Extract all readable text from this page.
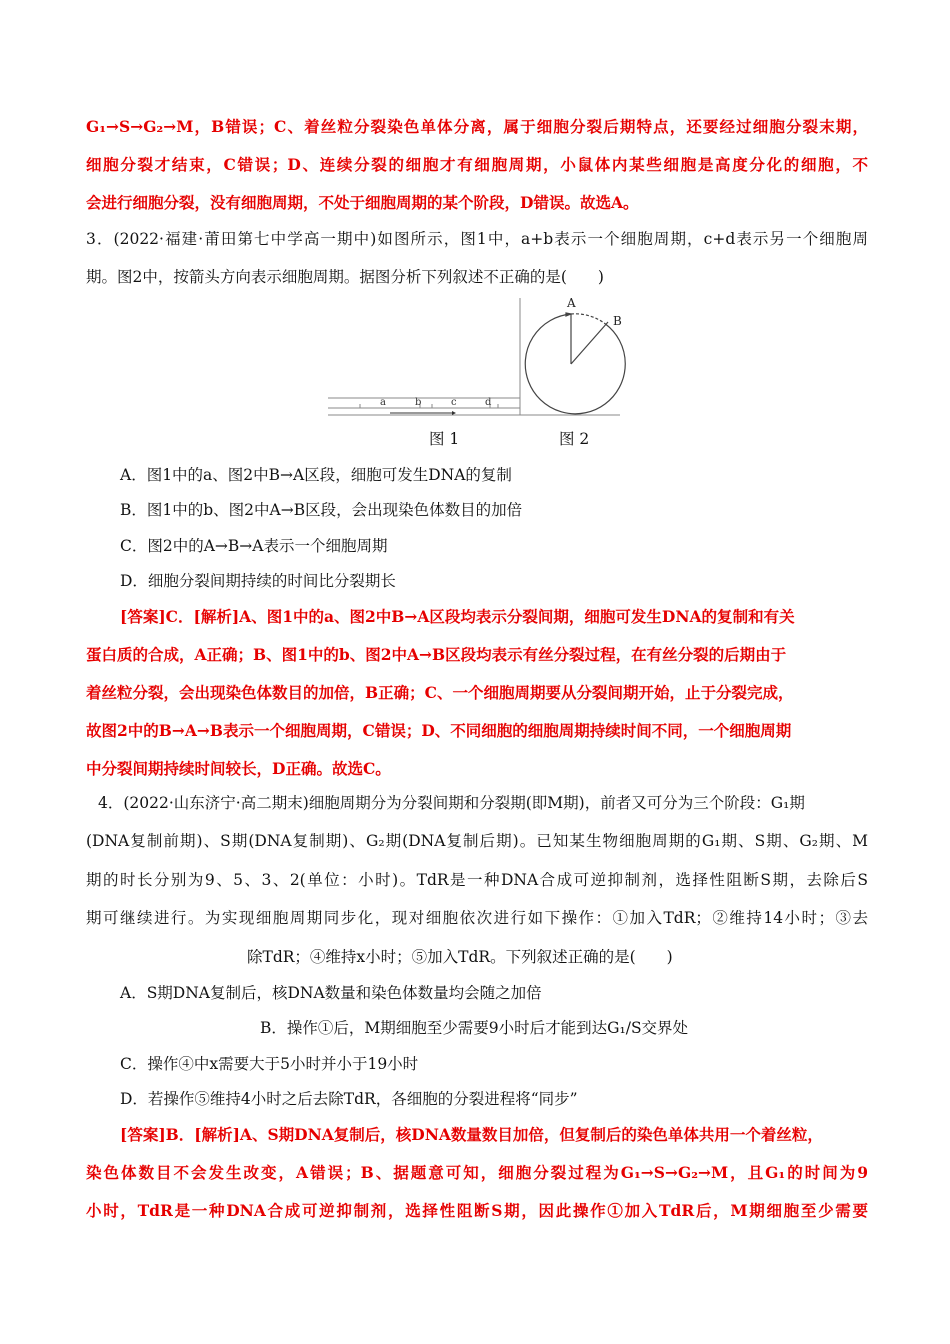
G₁→S→G₂→M，B错误；C、着丝粒分裂染色单体分离，属于细胞分裂后期特点，还要经过细胞分裂末期，
细胞分裂才结束，C错误；D、连续分裂的细胞才有细胞周期，小鼠体内某些细胞是高度分化的细胞，不
会进行细胞分裂，没有细胞周期，不处于细胞周期的某个阶段，D错误。故选A。
3．(2022·福建·莆田第七中学高一期中)如图所示，图1中，a+b表示一个细胞周期，c+d表示另一个细胞周
期。图2中，按箭头方向表示细胞周期。据图分析下列叙述不正确的是(　　)
a	b	c	d
A
B
图 1	图 2
A．图1中的a、图2中B→A区段，细胞可发生DNA的复制
B．图1中的b、图2中A→B区段，会出现染色体数目的加倍
C．图2中的A→B→A表示一个细胞周期
D．细胞分裂间期持续的时间比分裂期长
[答案]C．[解析]A、图1中的a、图2中B→A区段均表示分裂间期，细胞可发生DNA的复制和有关
蛋白质的合成，A正确；B、图1中的b、图2中A→B区段均表示有丝分裂过程，在有丝分裂的后期由于
着丝粒分裂，会出现染色体数目的加倍，B正确；C、一个细胞周期要从分裂间期开始，止于分裂完成，
故图2中的B→A→B表示一个细胞周期，C错误；D、不同细胞的细胞周期持续时间不同，一个细胞周期
中分裂间期持续时间较长，D正确。故选C。
4．(2022·山东济宁·高二期末)细胞周期分为分裂间期和分裂期(即M期)，前者又可分为三个阶段：G₁期
(DNA复制前期)、S期(DNA复制期)、G₂期(DNA复制后期)。已知某生物细胞周期的G₁期、S期、G₂期、M
期的时长分别为9、5、3、2(单位：小时)。TdR是一种DNA合成可逆抑制剂，选择性阻断S期，去除后S
期可继续进行。为实现细胞周期同步化，现对细胞依次进行如下操作：①加入TdR；②维持14小时；③去
除TdR；④维持x小时；⑤加入TdR。下列叙述正确的是(　　)
A．S期DNA复制后，核DNA数量和染色体数量均会随之加倍
B．操作①后，M期细胞至少需要9小时后才能到达G₁/S交界处
C．操作④中x需要大于5小时并小于19小时
D．若操作⑤维持4小时之后去除TdR，各细胞的分裂进程将“同步”
[答案]B．[解析]A、S期DNA复制后，核DNA数量数目加倍，但复制后的染色单体共用一个着丝粒，
染色体数目不会发生改变，A错误；B、据题意可知，细胞分裂过程为G₁→S→G₂→M，且G₁的时间为9
小时，TdR是一种DNA合成可逆抑制剂，选择性阻断S期，因此操作①加入TdR后，M期细胞至少需要
